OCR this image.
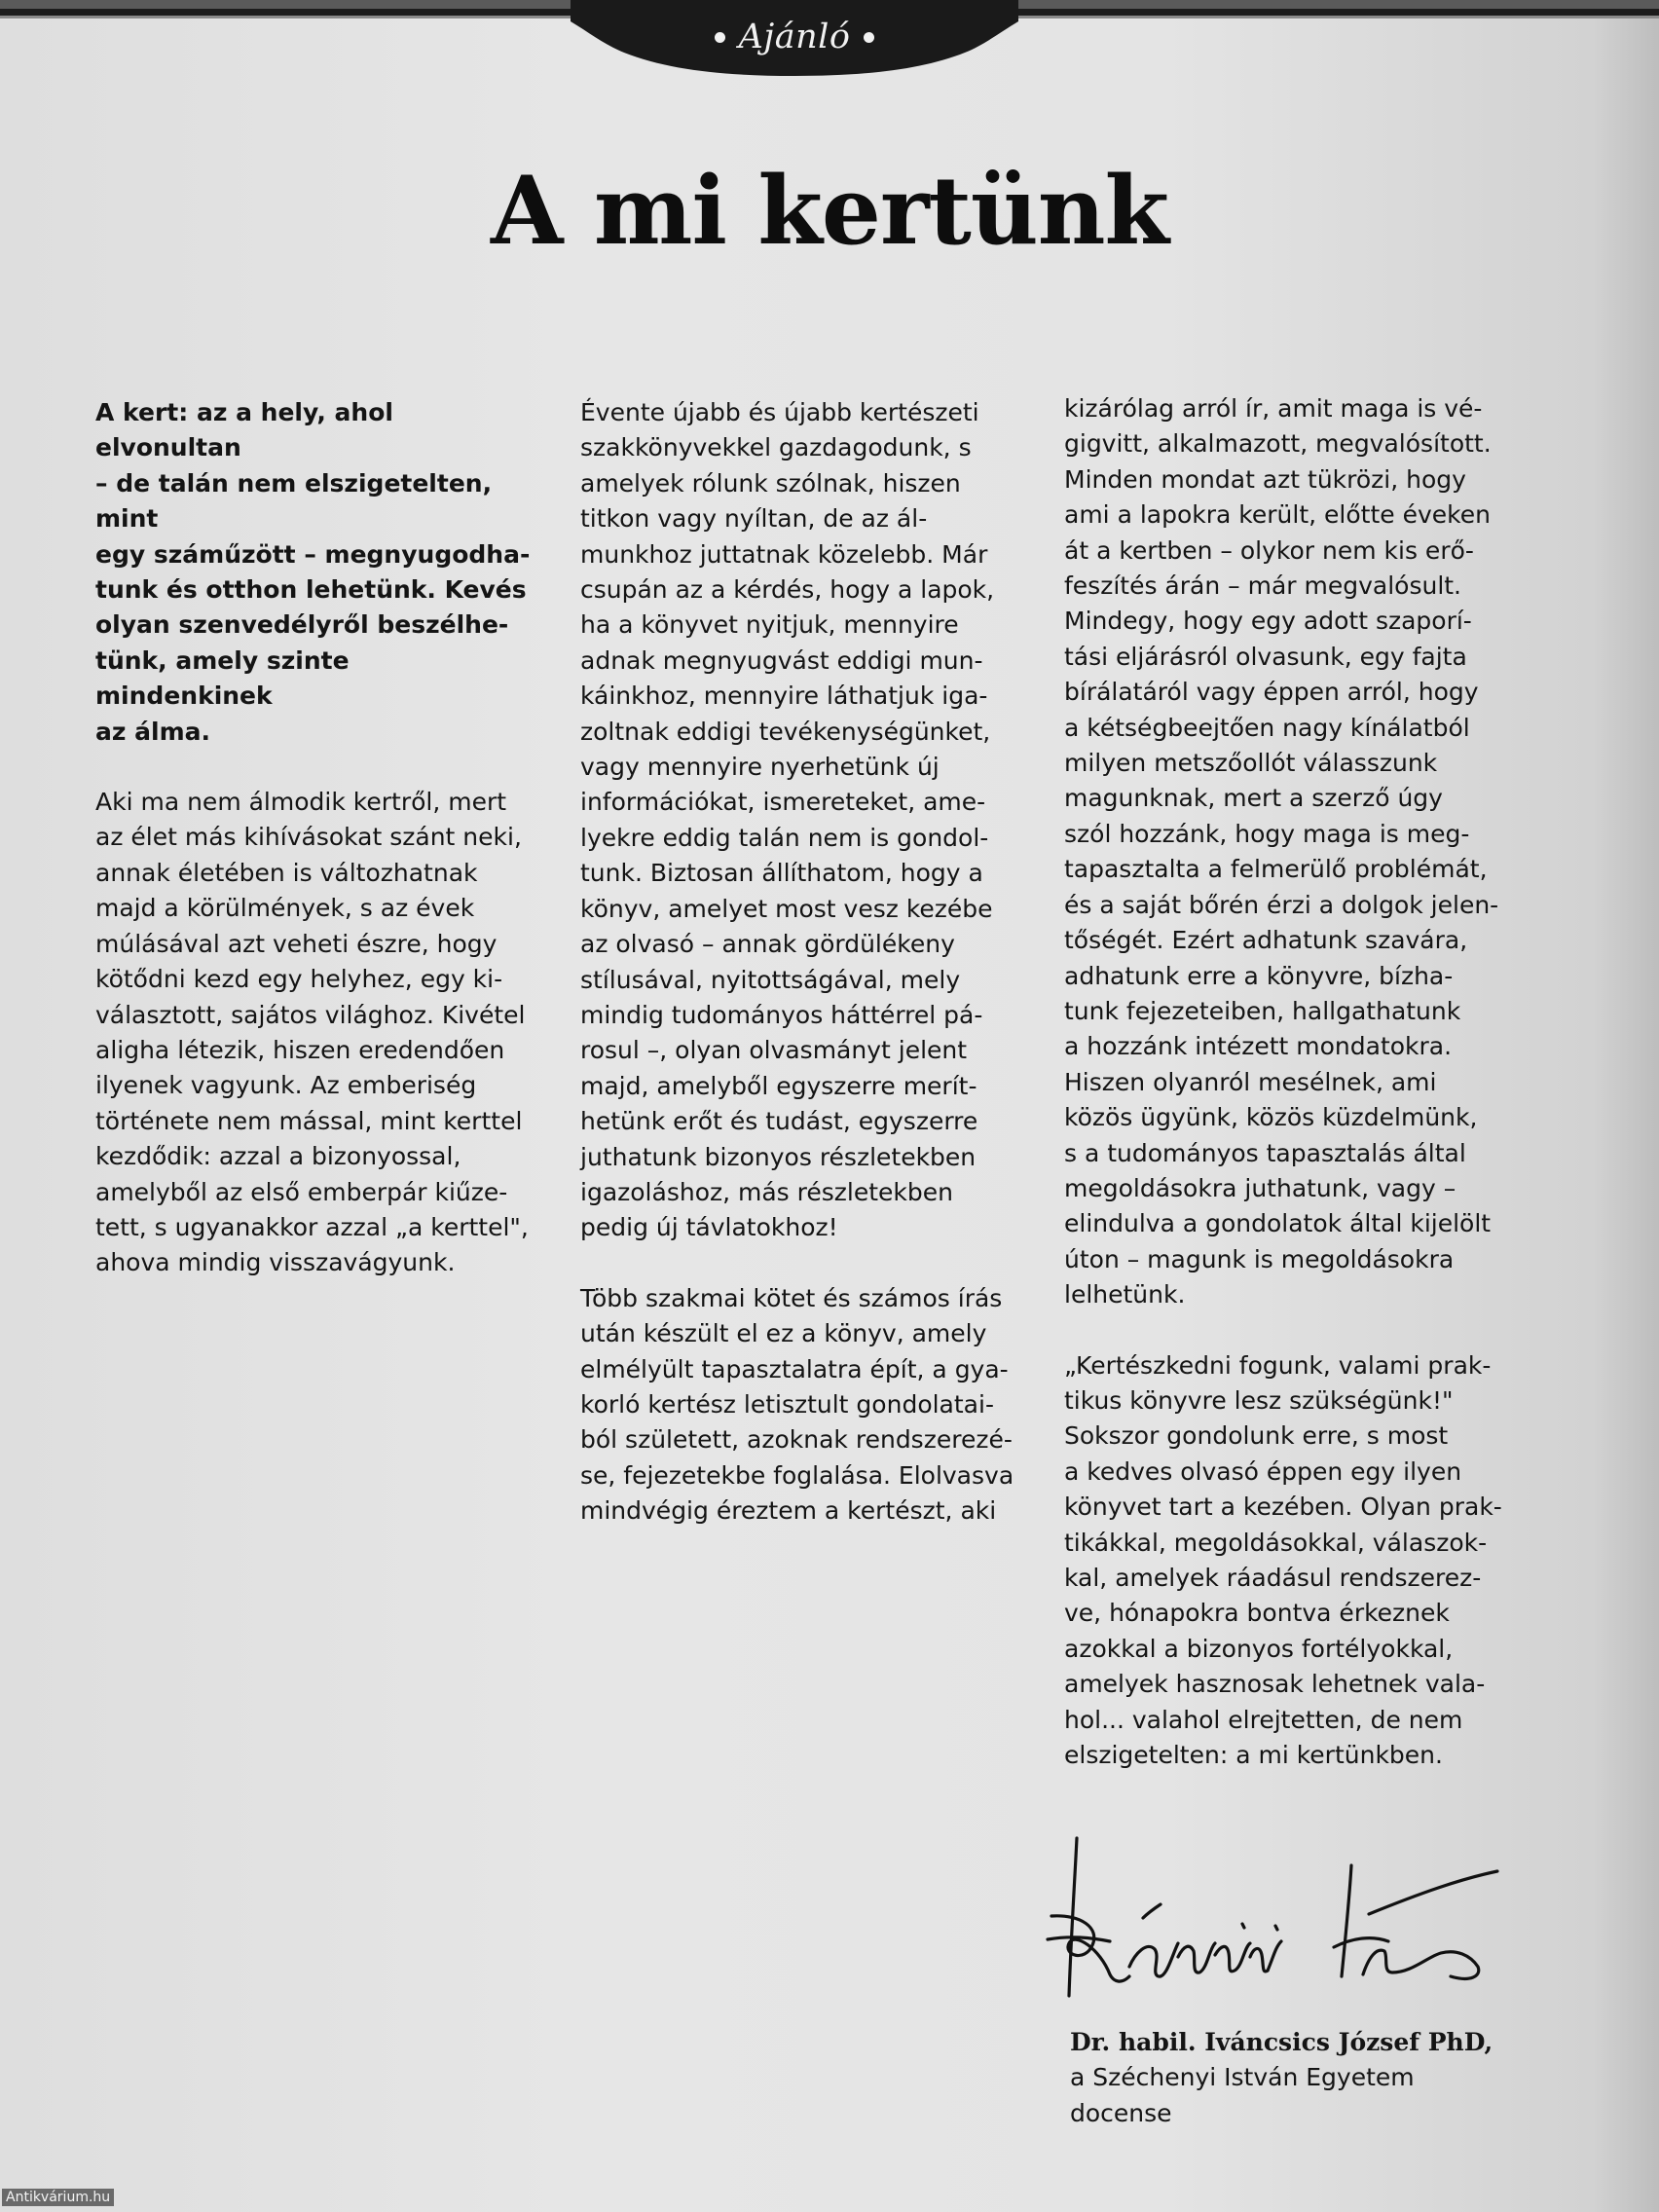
Ajánló
A mi kertünk

A kert: az a hely, ahol elvonultan
– de talán nem elszigetelten, mint
egy száműzött – megnyugodha-
tunk és otthon lehetünk. Kevés
olyan szenvedélyről beszélhe-
tünk, amely szinte mindenkinek
az álma.

Aki ma nem álmodik kertről, mert
az élet más kihívásokat szánt neki,
annak életében is változhatnak
majd a körülmények, s az évek
múlásával azt veheti észre, hogy
kötődni kezd egy helyhez, egy ki-
választott, sajátos világhoz. Kivétel
aligha létezik, hiszen eredendően
ilyenek vagyunk. Az emberiség
története nem mással, mint kerttel
kezdődik: azzal a bizonyossal,
amelyből az első emberpár kiűze-
tett, s ugyanakkor azzal „a kerttel",
ahova mindig visszavágyunk.

Évente újabb és újabb kertészeti
szakkönyvekkel gazdagodunk, s
amelyek rólunk szólnak, hiszen
titkon vagy nyíltan, de az ál-
munkhoz juttatnak közelebb. Már
csupán az a kérdés, hogy a lapok,
ha a könyvet nyitjuk, mennyire
adnak megnyugvást eddigi mun-
káinkhoz, mennyire láthatjuk iga-
zoltnak eddigi tevékenységünket,
vagy mennyire nyerhetünk új
információkat, ismereteket, ame-
lyekre eddig talán nem is gondol-
tunk. Biztosan állíthatom, hogy a
könyv, amelyet most vesz kezébe
az olvasó – annak gördülékeny
stílusával, nyitottságával, mely
mindig tudományos háttérrel pá-
rosul –, olyan olvasmányt jelent
majd, amelyből egyszerre merít-
hetünk erőt és tudást, egyszerre
juthatunk bizonyos részletekben
igazoláshoz, más részletekben
pedig új távlatokhoz!

Több szakmai kötet és számos írás
után készült el ez a könyv, amely
elmélyült tapasztalatra épít, a gya-
korló kertész letisztult gondolatai-
ból született, azoknak rendszerezé-
se, fejezetekbe foglalása. Elolvasva
mindvégig éreztem a kertészt, aki

kizárólag arról ír, amit maga is vé-
gigvitt, alkalmazott, megvalósított.
Minden mondat azt tükrözi, hogy
ami a lapokra került, előtte éveken
át a kertben – olykor nem kis erő-
feszítés árán – már megvalósult.
Mindegy, hogy egy adott szaporí-
tási eljárásról olvasunk, egy fajta
bírálatáról vagy éppen arról, hogy
a kétségbeejtően nagy kínálatból
milyen metszőollót válasszunk
magunknak, mert a szerző úgy
szól hozzánk, hogy maga is meg-
tapasztalta a felmerülő problémát,
és a saját bőrén érzi a dolgok jelen-
tőségét. Ezért adhatunk szavára,
adhatunk erre a könyvre, bízha-
tunk fejezeteiben, hallgathatunk
a hozzánk intézett mondatokra.
Hiszen olyanról mesélnek, ami
közös ügyünk, közös küzdelmünk,
s a tudományos tapasztalás által
megoldásokra juthatunk, vagy –
elindulva a gondolatok által kijelölt
úton – magunk is megoldásokra
lelhetünk.

„Kertészkedni fogunk, valami prak-
tikus könyvre lesz szükségünk!"
Sokszor gondolunk erre, s most
a kedves olvasó éppen egy ilyen
könyvet tart a kezében. Olyan prak-
tikákkal, megoldásokkal, válaszok-
kal, amelyek ráadásul rendszerez-
ve, hónapokra bontva érkeznek
azokkal a bizonyos fortélyokkal,
amelyek hasznosak lehetnek vala-
hol... valahol elrejtetten, de nem
elszigetelten: a mi kertünkben.

Dr. habil. Iváncsics József PhD,
a Széchenyi István Egyetem
docense
Antikvárium.hu
